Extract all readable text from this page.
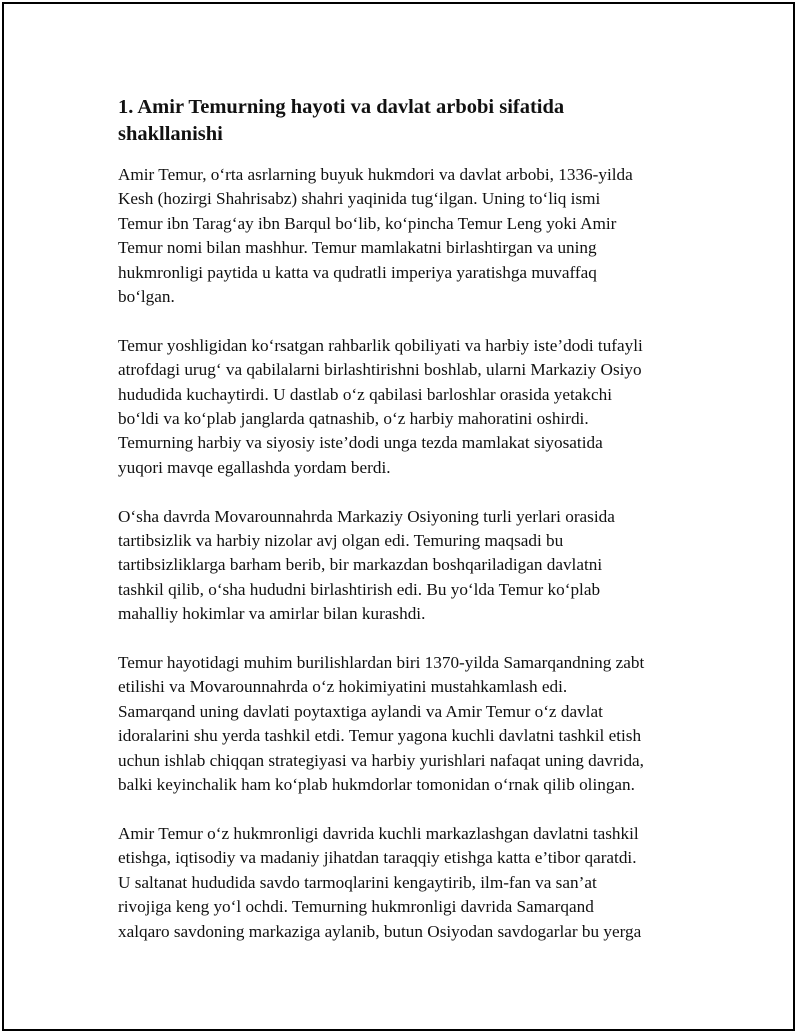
1. Amir Temurning hayoti va davlat arbobi sifatida
shakllanishi

Amir Temur, o‘rta asrlarning buyuk hukmdori va davlat arbobi, 1336-yilda
Kesh (hozirgi Shahrisabz) shahri yaqinida tug‘ilgan. Uning to‘liq ismi
Temur ibn Tarag‘ay ibn Barqul bo‘lib, ko‘pincha Temur Leng yoki Amir
Temur nomi bilan mashhur. Temur mamlakatni birlashtirgan va uning
hukmronligi paytida u katta va qudratli imperiya yaratishga muvaffaq
bo‘lgan.

Temur yoshligidan ko‘rsatgan rahbarlik qobiliyati va harbiy iste’dodi tufayli
atrofdagi urug‘ va qabilalarni birlashtirishni boshlab, ularni Markaziy Osiyo
hududida kuchaytirdi. U dastlab o‘z qabilasi barloshlar orasida yetakchi
bo‘ldi va ko‘plab janglarda qatnashib, o‘z harbiy mahoratini oshirdi.
Temurning harbiy va siyosiy iste’dodi unga tezda mamlakat siyosatida
yuqori mavqe egallashda yordam berdi.

O‘sha davrda Movarounnahrda Markaziy Osiyoning turli yerlari orasida
tartibsizlik va harbiy nizolar avj olgan edi. Temuring maqsadi bu
tartibsizliklarga barham berib, bir markazdan boshqariladigan davlatni
tashkil qilib, o‘sha hududni birlashtirish edi. Bu yo‘lda Temur ko‘plab
mahalliy hokimlar va amirlar bilan kurashdi.

Temur hayotidagi muhim burilishlardan biri 1370-yilda Samarqandning zabt
etilishi va Movarounnahrda o‘z hokimiyatini mustahkamlash edi.
Samarqand uning davlati poytaxtiga aylandi va Amir Temur o‘z davlat
idoralarini shu yerda tashkil etdi. Temur yagona kuchli davlatni tashkil etish
uchun ishlab chiqqan strategiyasi va harbiy yurishlari nafaqat uning davrida,
balki keyinchalik ham ko‘plab hukmdorlar tomonidan o‘rnak qilib olingan.

Amir Temur o‘z hukmronligi davrida kuchli markazlashgan davlatni tashkil
etishga, iqtisodiy va madaniy jihatdan taraqqiy etishga katta e’tibor qaratdi.
U saltanat hududida savdo tarmoqlarini kengaytirib, ilm-fan va san’at
rivojiga keng yo‘l ochdi. Temurning hukmronligi davrida Samarqand
xalqaro savdoning markaziga aylanib, butun Osiyodan savdogarlar bu yerga
